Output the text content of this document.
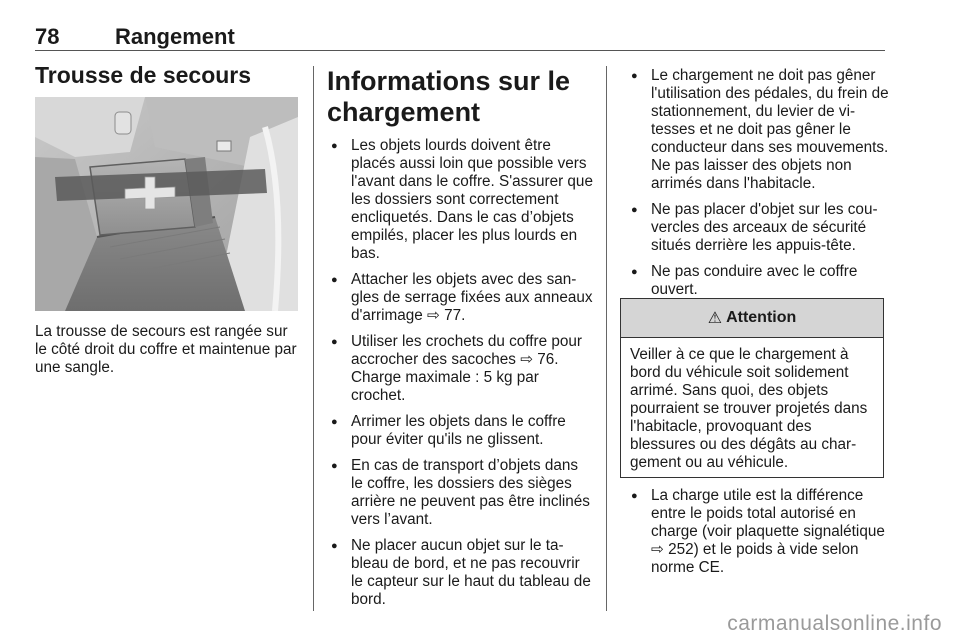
78	Rangement
Trousse de secours

La trousse de secours est rangée sur le côté droit du coffre et maintenue par une sangle.

Informations sur le chargement
● Les objets lourds doivent être placés aussi loin que possible vers l'avant dans le coffre. S'assurer que les dossiers sont correctement encliquetés. Dans le cas d’objets empilés, placer les plus lourds en bas.
● Attacher les objets avec des sangles de serrage fixées aux anneaux d'arrimage ⇨ 77.
● Utiliser les crochets du coffre pour accrocher des sacoches ⇨ 76. Charge maximale : 5 kg par crochet.
● Arrimer les objets dans le coffre pour éviter qu'ils ne glissent.
● En cas de transport d’objets dans le coffre, les dossiers des sièges arrière ne peuvent pas être inclinés vers l’avant.
● Ne placer aucun objet sur le tableau de bord, et ne pas recouvrir le capteur sur le haut du tableau de bord.
● Le chargement ne doit pas gêner l'utilisation des pédales, du frein de stationnement, du levier de vitesses et ne doit pas gêner le conducteur dans ses mouvements. Ne pas laisser des objets non arrimés dans l'habitacle.
● Ne pas placer d'objet sur les couvercles des arceaux de sécurité situés derrière les appuis-tête.
● Ne pas conduire avec le coffre ouvert.
⚠ Attention
Veiller à ce que le chargement à bord du véhicule soit solidement arrimé. Sans quoi, des objets pourraient se trouver projetés dans l'habitacle, provoquant des blessures ou des dégâts au chargement ou au véhicule.
● La charge utile est la différence entre le poids total autorisé en charge (voir plaquette signalétique ⇨ 252) et le poids à vide selon norme CE.
carmanualsonline.info
